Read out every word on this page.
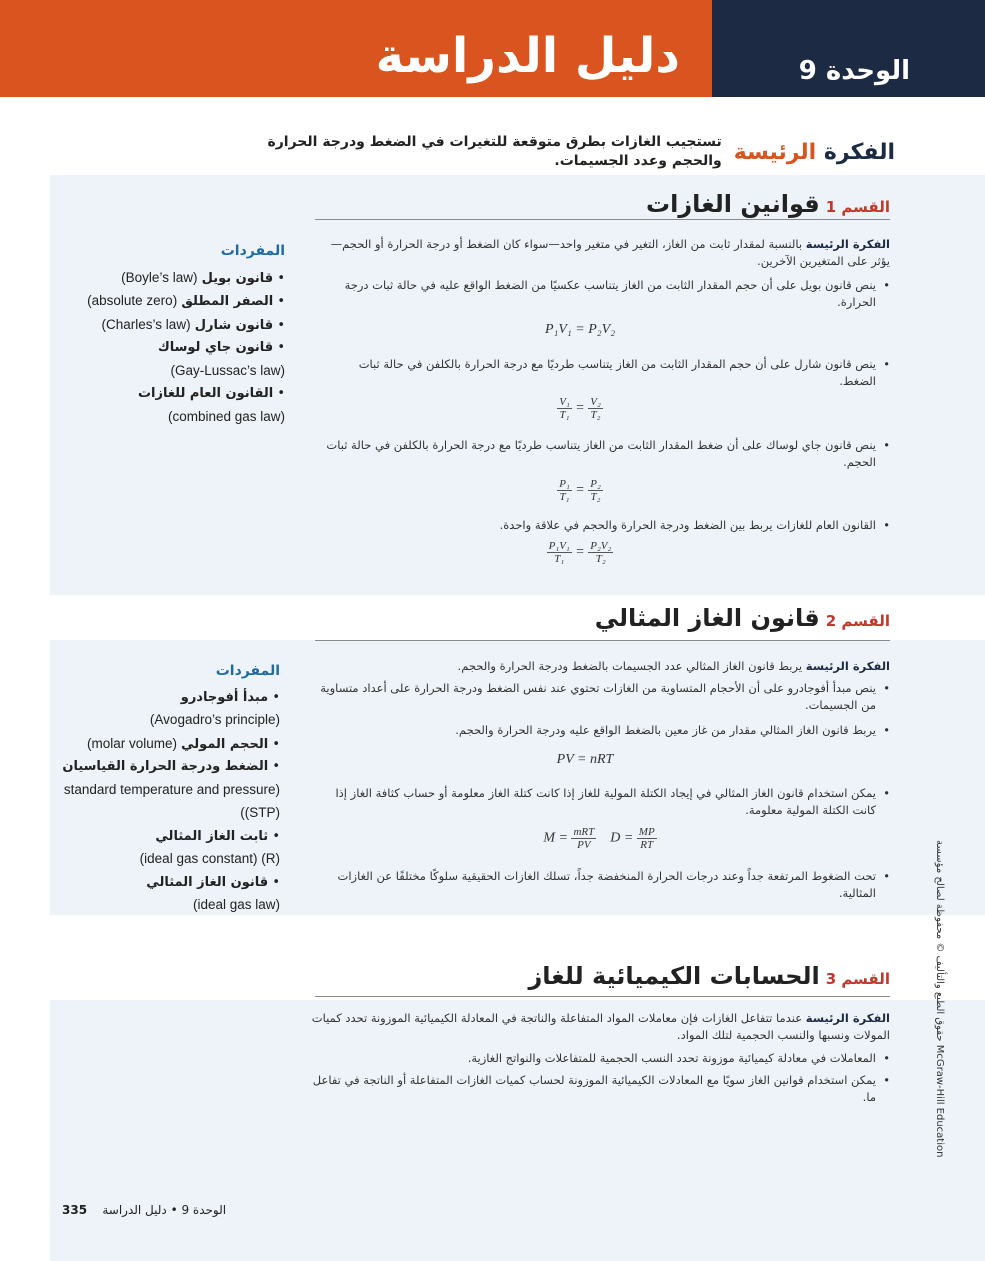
دليل الدراسة	الوحدة 9
الفكرة الرئيسة
تستجيب الغازات بطرق متوقعة للتغيرات في الضغط ودرجة الحرارة
والحجم وعدد الجسيمات.
القسم 1قوانين الغازات
المفردات
• قانون بويل (Boyle’s law)
• الصفر المطلق (absolute zero)
• قانون شارل (Charles’s law)
• قانون جاي لوساك
(Gay-Lussac’s law)
• القانون العام للغازات
(combined gas law)
الفكرة الرئيسة بالنسبة لمقدار ثابت من الغاز، التغير في متغير واحد—سواء كان الضغط أو درجة الحرارة أو الحجم—يؤثر على المتغيرين الآخرين.

• ينص قانون بويل على أن حجم المقدار الثابت من الغاز يتناسب عكسيًا من الضغط الواقع عليه في حالة ثبات درجة الحرارة.

P₁V₁ = P₂V₂

• ينص قانون شارل على أن حجم المقدار الثابت من الغاز يتناسب طرديًا مع درجة الحرارة بالكلفن في حالة ثبات الضغط.

$\frac{\text{V₁}}{\text{T₁}} = \frac{\text{V₂}}{\text{T₂}}$

• ينص قانون جاي لوساك على أن ضغط المقدار الثابت من الغاز يتناسب طرديًا مع درجة الحرارة بالكلفن في حالة ثبات الحجم.

$\frac{\text{P₁}}{\text{T₁}} = \frac{\text{P₂}}{\text{T₂}}$

• القانون العام للغازات يربط بين الضغط ودرجة الحرارة والحجم في علاقة واحدة.

$\frac{\text{P₁V₁}}{\text{T₁}} = \frac{\text{P₂V₂}}{\text{T₂}}$
القسم 2قانون الغاز المثالي
المفردات
• مبدأ أفوجادرو
(Avogadro’s principle)
• الحجم المولي (molar volume)
• الضغط ودرجة الحرارة القياسيان
(standard temperature and pressure (STP))
• ثابت الغاز المثالي
(R) (ideal gas constant)
• قانون الغاز المثالي
(ideal gas law)
الفكرة الرئيسة يربط قانون الغاز المثالي عدد الجسيمات بالضغط ودرجة الحرارة والحجم.

• ينص مبدأ أفوجادرو على أن الأحجام المتساوية من الغازات تحتوي عند نفس الضغط ودرجة الحرارة على أعداد متساوية من الجسيمات.

• يربط قانون الغاز المثالي مقدار من غاز معين بالضغط الواقع عليه ودرجة الحرارة والحجم.

PV = nRT

• يمكن استخدام قانون الغاز المثالي في إيجاد الكتلة المولية للغاز إذا كانت كتلة الغاز معلومة أو حساب كثافة الغاز إذا كانت الكتلة المولية معلومة.

$M = \frac{\text{mRT}}{PV}$ $D = \frac{MP}{RT}$

• تحت الضغوط المرتفعة جداً وعند درجات الحرارة المنخفضة جداً، تسلك الغازات الحقيقية سلوكًا مختلفًا عن الغازات المثالية.

القسم 3الحسابات الكيميائية للغاز
الفكرة الرئيسة عندما تتفاعل الغازات فإن معاملات المواد المتفاعلة والناتجة في المعادلة الكيميائية الموزونة تحدد كميات المولات ونسبها والنسب الحجمية لتلك المواد.

• المعاملات في معادلة كيميائية موزونة تحدد النسب الحجمية للمتفاعلات والنواتج الغازية.

• يمكن استخدام قوانين الغاز سويًا مع المعادلات الكيميائية الموزونة لحساب كميات الغازات المتفاعلة أو الناتجة في تفاعل ما.

حقوق الطبع والتأليف © محفوظة لصالح مؤسسة McGraw-Hill Education
335 الوحدة 9 • دليل الدراسة
